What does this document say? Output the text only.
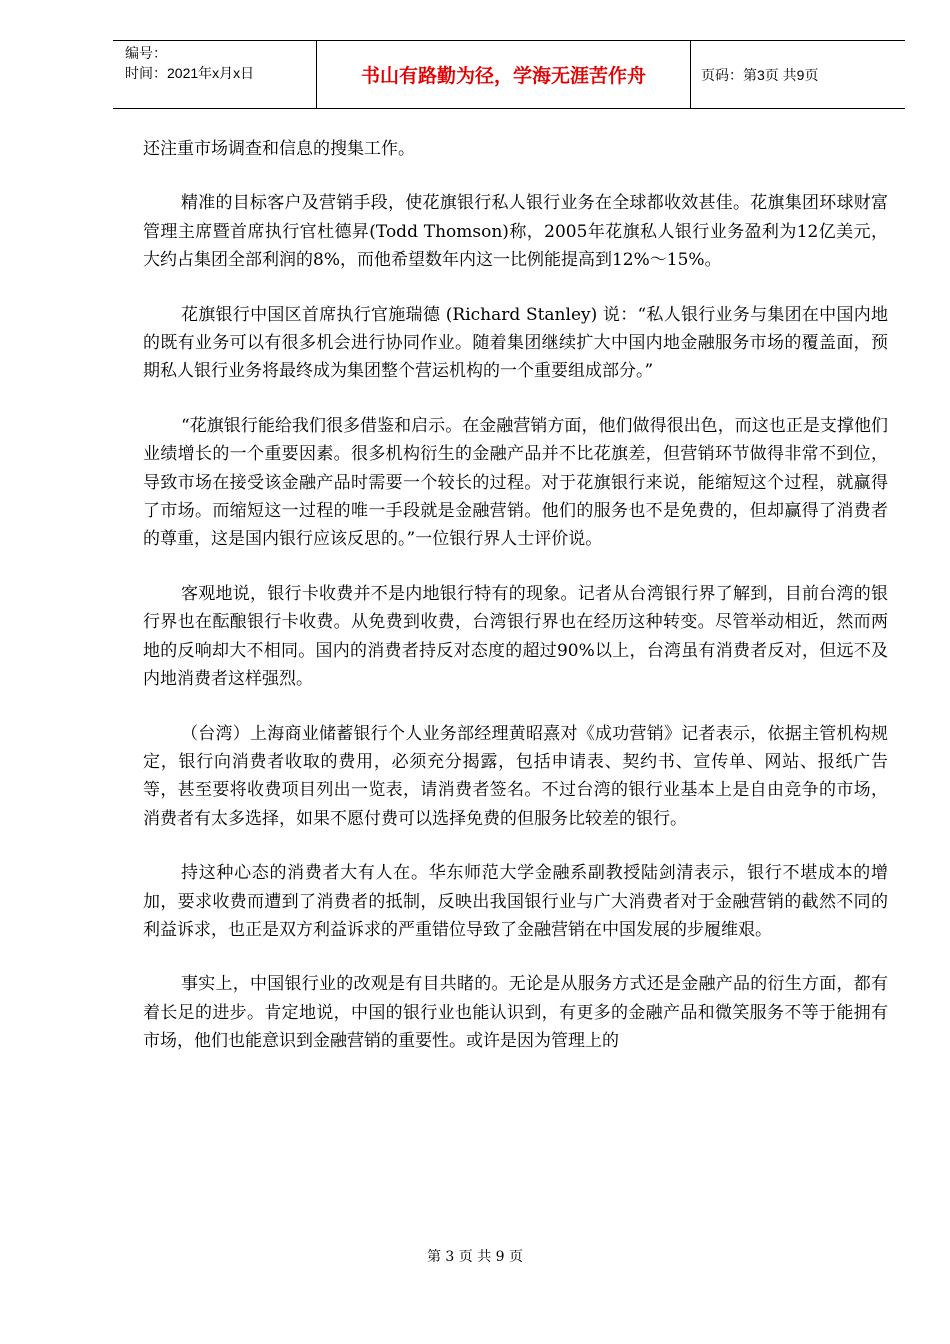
编号：
时间：2021年x月x日	书山有路勤为径，学海无涯苦作舟	页码：第3页 共9页

还注重市场调查和信息的搜集工作。

精准的目标客户及营销手段，使花旗银行私人银行业务在全球都收效甚佳。花旗集团环球财富管理主席暨首席执行官杜德昇(Todd Thomson)称，2005年花旗私人银行业务盈利为12亿美元，大约占集团全部利润的8%，而他希望数年内这一比例能提高到12%～15%。

花旗银行中国区首席执行官施瑞德 (Richard Stanley) 说：“私人银行业务与集团在中国内地的既有业务可以有很多机会进行协同作业。随着集团继续扩大中国内地金融服务市场的覆盖面，预期私人银行业务将最终成为集团整个营运机构的一个重要组成部分。”

“花旗银行能给我们很多借鉴和启示。在金融营销方面，他们做得很出色，而这也正是支撑他们业绩增长的一个重要因素。很多机构衍生的金融产品并不比花旗差，但营销环节做得非常不到位，导致市场在接受该金融产品时需要一个较长的过程。对于花旗银行来说，能缩短这个过程，就赢得了市场。而缩短这一过程的唯一手段就是金融营销。他们的服务也不是免费的，但却赢得了消费者的尊重，这是国内银行应该反思的。”一位银行界人士评价说。

客观地说，银行卡收费并不是内地银行特有的现象。记者从台湾银行界了解到，目前台湾的银行界也在酝酿银行卡收费。从免费到收费，台湾银行界也在经历这种转变。尽管举动相近，然而两地的反响却大不相同。国内的消费者持反对态度的超过90%以上，台湾虽有消费者反对，但远不及内地消费者这样强烈。

（台湾）上海商业储蓄银行个人业务部经理黄昭熹对《成功营销》记者表示，依据主管机构规定，银行向消费者收取的费用，必须充分揭露，包括申请表、契约书、宣传单、网站、报纸广告等，甚至要将收费项目列出一览表，请消费者签名。不过台湾的银行业基本上是自由竞争的市场，消费者有太多选择，如果不愿付费可以选择免费的但服务比较差的银行。

持这种心态的消费者大有人在。华东师范大学金融系副教授陆剑清表示，银行不堪成本的增加，要求收费而遭到了消费者的抵制，反映出我国银行业与广大消费者对于金融营销的截然不同的利益诉求，也正是双方利益诉求的严重错位导致了金融营销在中国发展的步履维艰。

事实上，中国银行业的改观是有目共睹的。无论是从服务方式还是金融产品的衍生方面，都有着长足的进步。肯定地说，中国的银行业也能认识到，有更多的金融产品和微笑服务不等于能拥有市场，他们也能意识到金融营销的重要性。或许是因为管理上的

第 3 页 共 9 页
